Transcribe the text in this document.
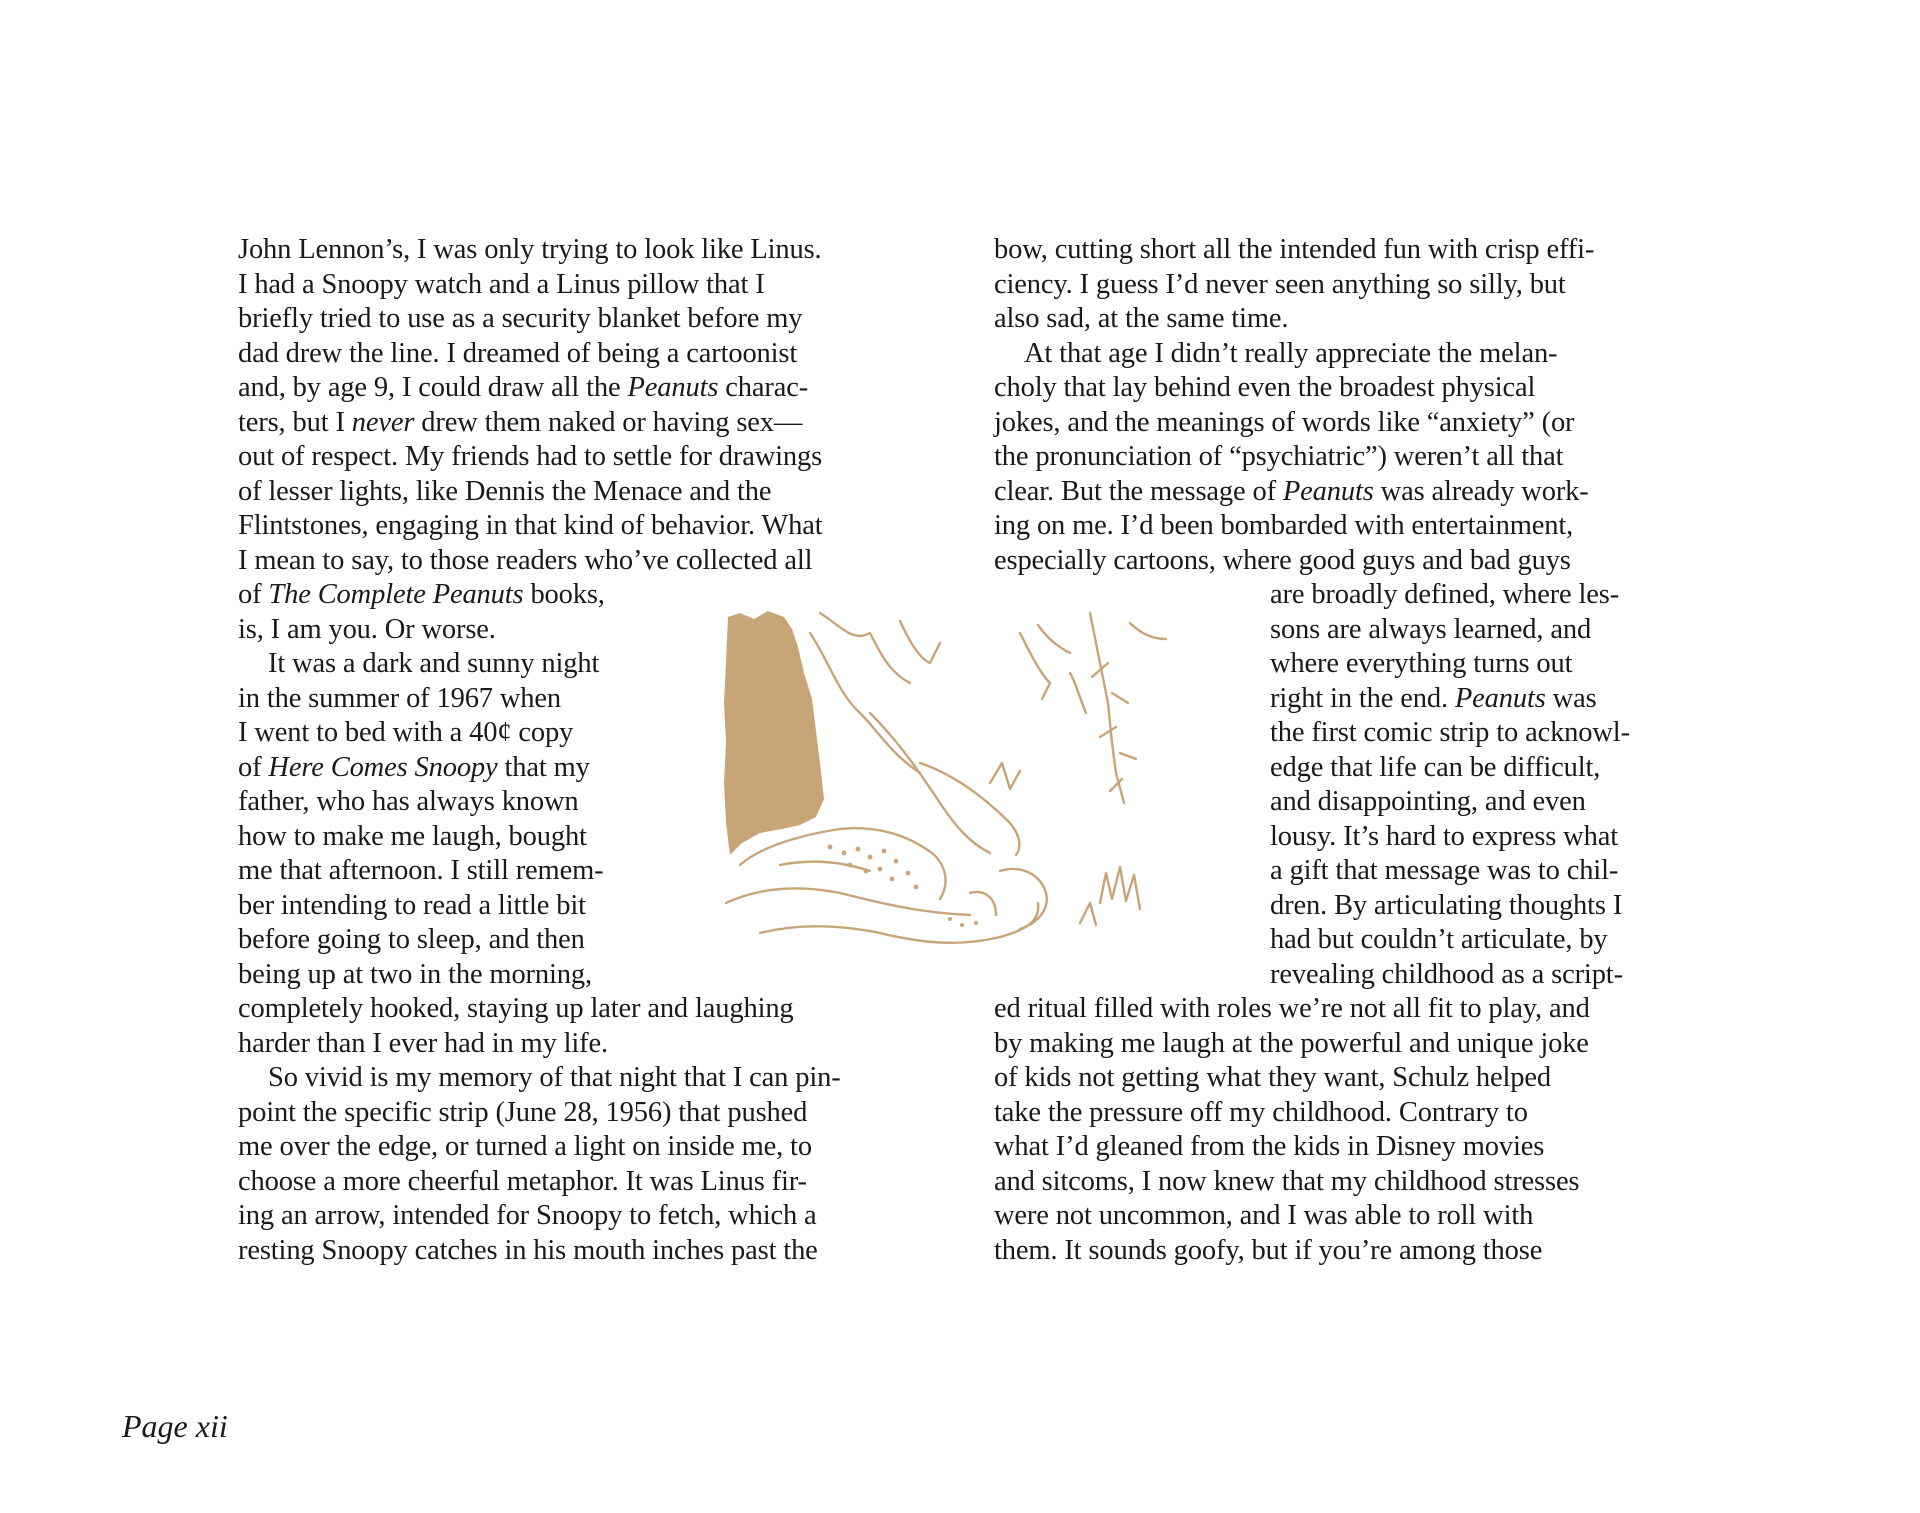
John Lennon’s, I was only trying to look like Linus.
I had a Snoopy watch and a Linus pillow that I
briefly tried to use as a security blanket before my
dad drew the line. I dreamed of being a cartoonist
and, by age 9, I could draw all the Peanuts charac-
ters, but I never drew them naked or having sex—
out of respect. My friends had to settle for drawings
of lesser lights, like Dennis the Menace and the
Flintstones, engaging in that kind of behavior. What
I mean to say, to those readers who’ve collected all
of The Complete Peanuts books,
is, I am you. Or worse.
It was a dark and sunny night
in the summer of 1967 when
I went to bed with a 40¢ copy
of Here Comes Snoopy that my
father, who has always known
how to make me laugh, bought
me that afternoon. I still remem-
ber intending to read a little bit
before going to sleep, and then
being up at two in the morning,
completely hooked, staying up later and laughing
harder than I ever had in my life.
So vivid is my memory of that night that I can pin-
point the specific strip (June 28, 1956) that pushed
me over the edge, or turned a light on inside me, to
choose a more cheerful metaphor. It was Linus fir-
ing an arrow, intended for Snoopy to fetch, which a
resting Snoopy catches in his mouth inches past the
bow, cutting short all the intended fun with crisp effi-
ciency. I guess I’d never seen anything so silly, but
also sad, at the same time.
At that age I didn’t really appreciate the melan-
choly that lay behind even the broadest physical
jokes, and the meanings of words like “anxiety” (or
the pronunciation of “psychiatric”) weren’t all that
clear. But the message of Peanuts was already work-
ing on me. I’d been bombarded with entertainment,
especially cartoons, where good guys and bad guys
are broadly defined, where les-
sons are always learned, and
where everything turns out
right in the end. Peanuts was
the first comic strip to acknowl-
edge that life can be difficult,
and disappointing, and even
lousy. It’s hard to express what
a gift that message was to chil-
dren. By articulating thoughts I
had but couldn’t articulate, by
revealing childhood as a script-
ed ritual filled with roles we’re not all fit to play, and
by making me laugh at the powerful and unique joke
of kids not getting what they want, Schulz helped
take the pressure off my childhood. Contrary to
what I’d gleaned from the kids in Disney movies
and sitcoms, I now knew that my childhood stresses
were not uncommon, and I was able to roll with
them. It sounds goofy, but if you’re among those
Page xii
